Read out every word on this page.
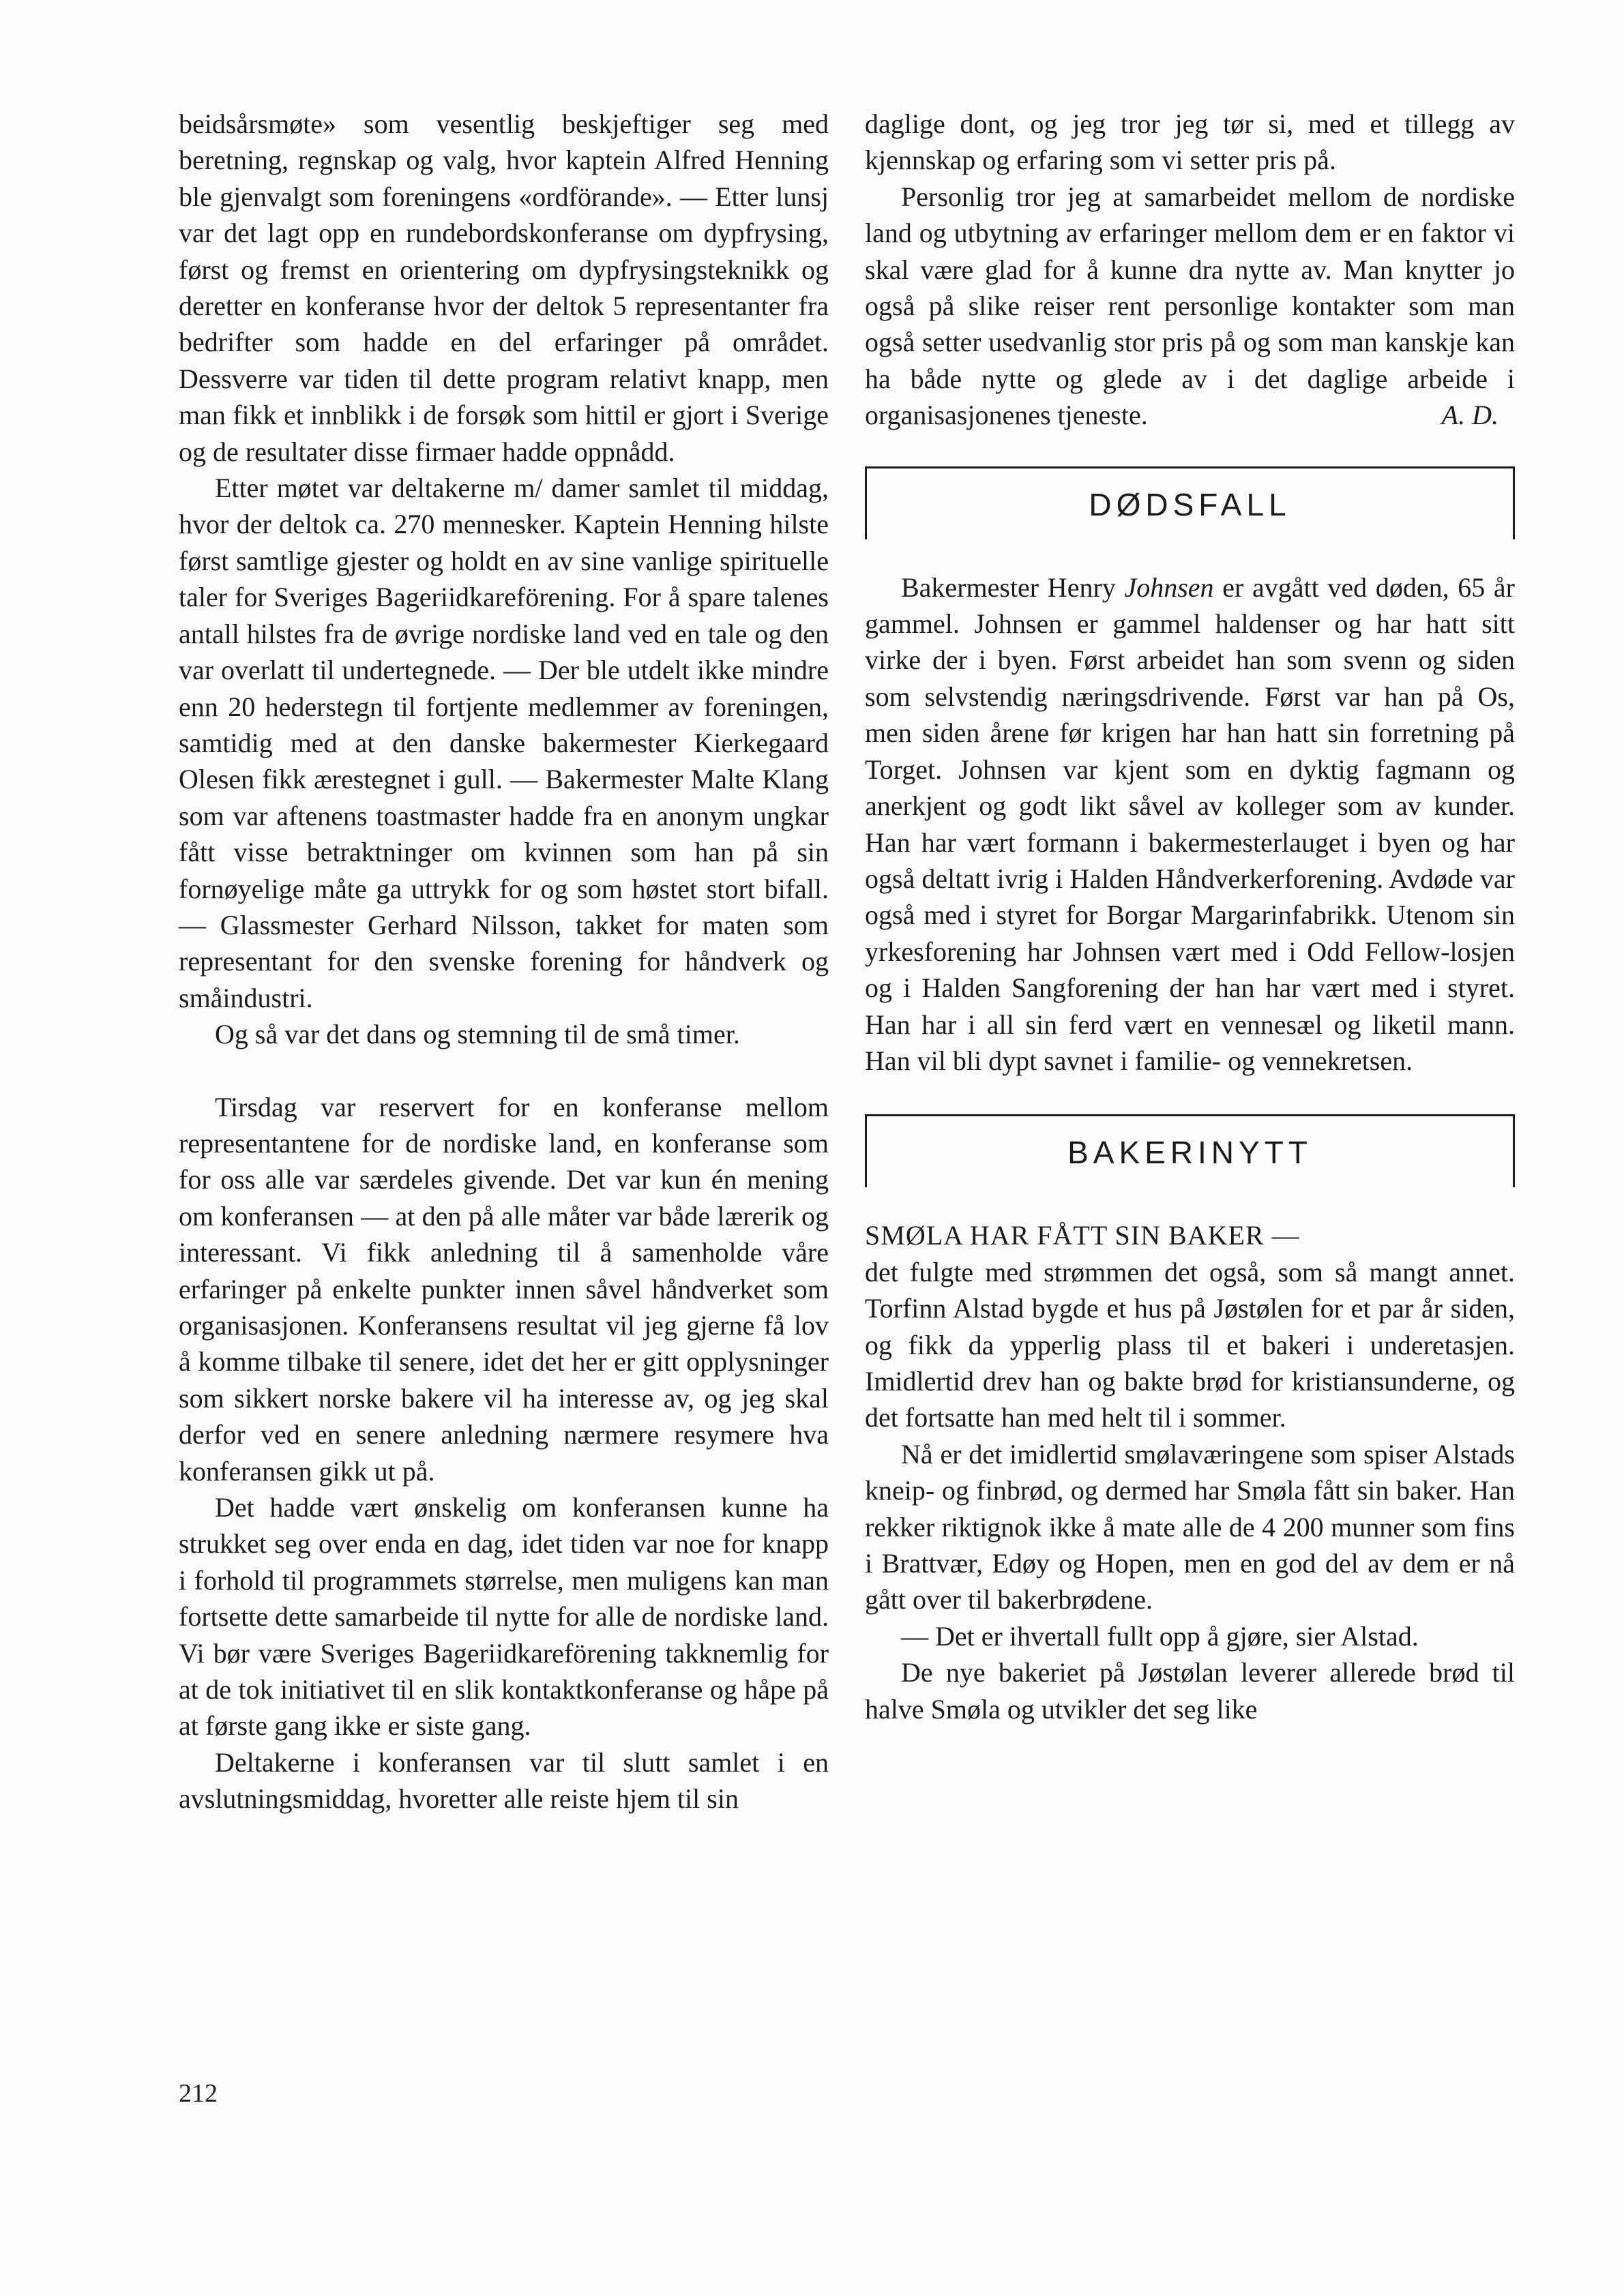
beidsårsmøte» som vesentlig beskjeftiger seg med beretning, regnskap og valg, hvor kaptein Alfred Henning ble gjenvalgt som foreningens «ordförande». — Etter lunsj var det lagt opp en rundebordskonferanse om dypfrysing, først og fremst en orientering om dypfrysingsteknikk og deretter en konferanse hvor der deltok 5 representanter fra bedrifter som hadde en del erfaringer på området. Dessverre var tiden til dette program relativt knapp, men man fikk et innblikk i de forsøk som hittil er gjort i Sverige og de resultater disse firmaer hadde oppnådd.

Etter møtet var deltakerne m/ damer samlet til middag, hvor der deltok ca. 270 mennesker. Kaptein Henning hilste først samtlige gjester og holdt en av sine vanlige spirituelle taler for Sveriges Bageriidkareförening. For å spare talenes antall hilstes fra de øvrige nordiske land ved en tale og den var overlatt til undertegnede. — Der ble utdelt ikke mindre enn 20 hederstegn til fortjente medlemmer av foreningen, samtidig med at den danske bakermester Kierkegaard Olesen fikk ærestegnet i gull. — Bakermester Malte Klang som var aftenens toastmaster hadde fra en anonym ungkar fått visse betraktninger om kvinnen som han på sin fornøyelige måte ga uttrykk for og som høstet stort bifall. — Glassmester Gerhard Nilsson, takket for maten som representant for den svenske forening for håndverk og småindustri.

Og så var det dans og stemning til de små timer.

Tirsdag var reservert for en konferanse mellom representantene for de nordiske land, en konferanse som for oss alle var særdeles givende. Det var kun én mening om konferansen — at den på alle måter var både lærerik og interessant. Vi fikk anledning til å samenholde våre erfaringer på enkelte punkter innen såvel håndverket som organisasjonen. Konferansens resultat vil jeg gjerne få lov å komme tilbake til senere, idet det her er gitt opplysninger som sikkert norske bakere vil ha interesse av, og jeg skal derfor ved en senere anledning nærmere resymere hva konferansen gikk ut på.

Det hadde vært ønskelig om konferansen kunne ha strukket seg over enda en dag, idet tiden var noe for knapp i forhold til programmets størrelse, men muligens kan man fortsette dette samarbeide til nytte for alle de nordiske land. Vi bør være Sveriges Bageriidkareförening takknemlig for at de tok initiativet til en slik kontaktkonferanse og håpe på at første gang ikke er siste gang.

Deltakerne i konferansen var til slutt samlet i en avslutningsmiddag, hvoretter alle reiste hjem til sin

daglige dont, og jeg tror jeg tør si, med et tillegg av kjennskap og erfaring som vi setter pris på.

Personlig tror jeg at samarbeidet mellom de nordiske land og utbytning av erfaringer mellom dem er en faktor vi skal være glad for å kunne dra nytte av. Man knytter jo også på slike reiser rent personlige kontakter som man også setter usedvanlig stor pris på og som man kanskje kan ha både nytte og glede av i det daglige arbeide i organisasjonenes tjeneste.	A. D.

DØDSFALL

Bakermester Henry Johnsen er avgått ved døden, 65 år gammel. Johnsen er gammel haldenser og har hatt sitt virke der i byen. Først arbeidet han som svenn og siden som selvstendig næringsdrivende. Først var han på Os, men siden årene før krigen har han hatt sin forretning på Torget. Johnsen var kjent som en dyktig fagmann og anerkjent og godt likt såvel av kolleger som av kunder. Han har vært formann i bakermesterlauget i byen og har også deltatt ivrig i Halden Håndverkerforening. Avdøde var også med i styret for Borgar Margarinfabrikk. Utenom sin yrkesforening har Johnsen vært med i Odd Fellow-losjen og i Halden Sangforening der han har vært med i styret. Han har i all sin ferd vært en vennesæl og liketil mann. Han vil bli dypt savnet i familie- og vennekretsen.

BAKERINYTT

SMØLA HAR FÅTT SIN BAKER —

det fulgte med strømmen det også, som så mangt annet. Torfinn Alstad bygde et hus på Jøstølen for et par år siden, og fikk da ypperlig plass til et bakeri i underetasjen. Imidlertid drev han og bakte brød for kristiansunderne, og det fortsatte han med helt til i sommer.

Nå er det imidlertid smølaværingene som spiser Alstads kneip- og finbrød, og dermed har Smøla fått sin baker. Han rekker riktignok ikke å mate alle de 4 200 munner som fins i Brattvær, Edøy og Hopen, men en god del av dem er nå gått over til bakerbrødene.

— Det er ihvertall fullt opp å gjøre, sier Alstad.

De nye bakeriet på Jøstølan leverer allerede brød til halve Smøla og utvikler det seg like

212
